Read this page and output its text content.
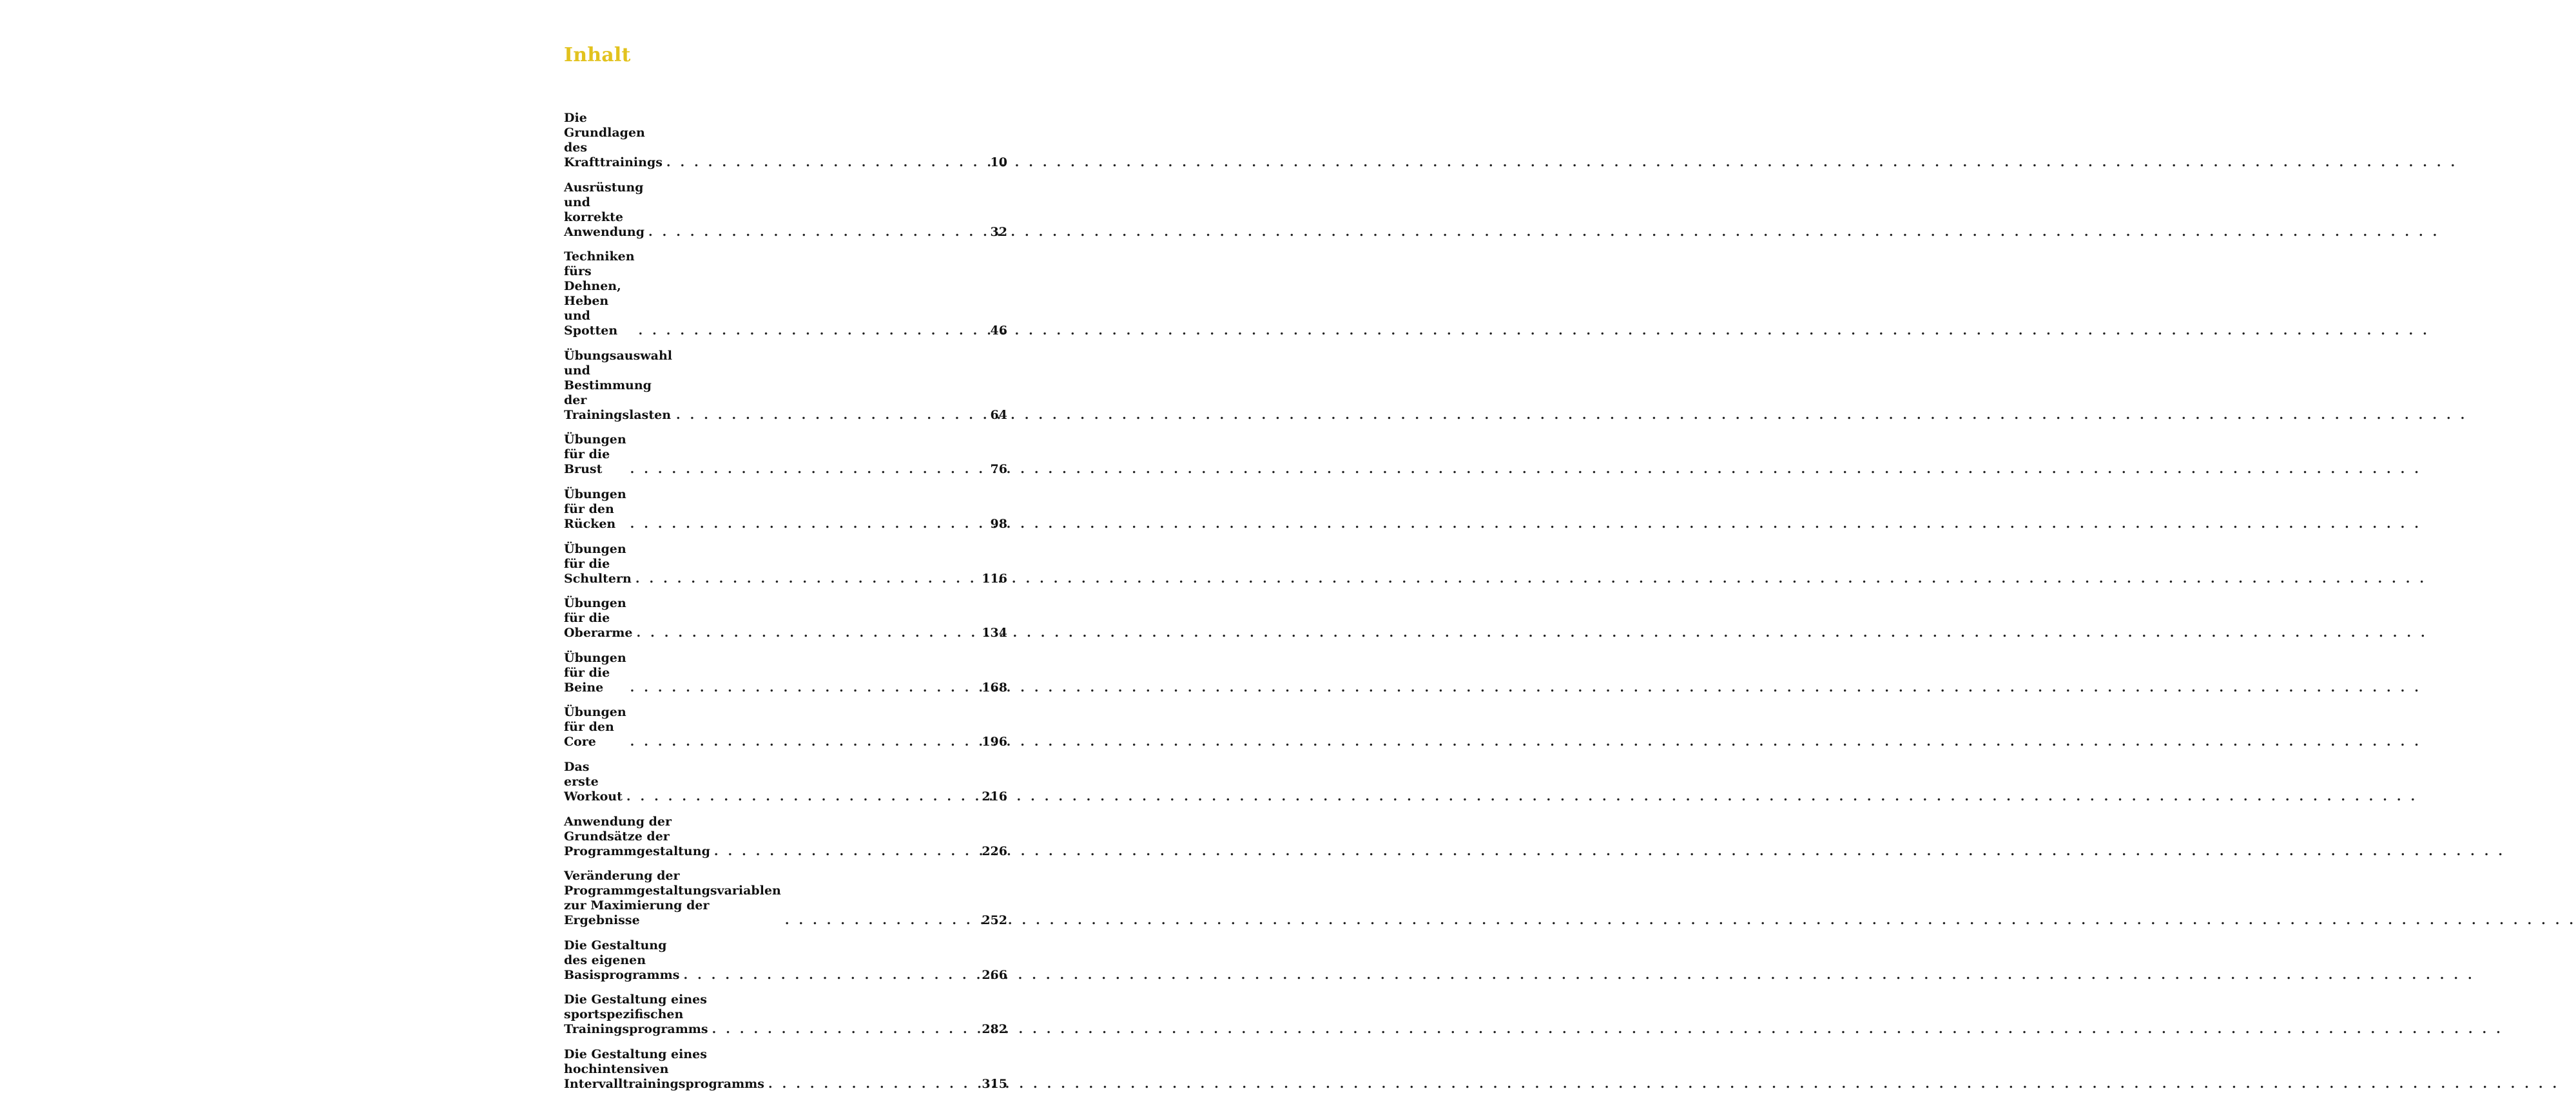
Inhalt
Die Grundlagen des Krafttrainings . . .	10
Ausrüstung und korrekte Anwendung . . .	32
Techniken fürs Dehnen, Heben und Spotten . . .	46
Übungsauswahl und Bestimmung der Trainingslasten . . .	64
Übungen für die Brust . . .	76
Übungen für den Rücken . . .	98
Übungen für die Schultern . . .	116
Übungen für die Oberarme . . .	134
Übungen für die Beine . . .	168
Übungen für den Core . . .	196
Das erste Workout . . .	216
Anwendung der Grundsätze der Programmgestaltung . . .	226
Veränderung der Programmgestaltungsvariablen zur Maximierung der Ergebnisse . . .	252
Die Gestaltung des eigenen Basisprogramms . . .	266
Die Gestaltung eines sportspezifischen Trainingsprogramms . . .	282
Die Gestaltung eines hochintensiven Intervalltrainingsprogramms . . .	315
